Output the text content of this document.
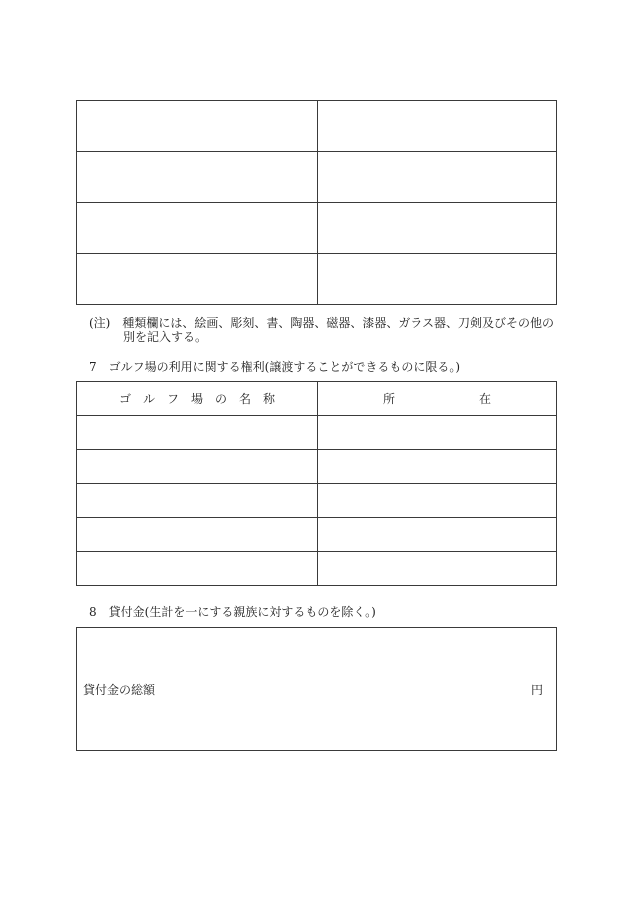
(注)　種類欄には、絵画、彫刻、書、陶器、磁器、漆器、ガラス器、刀剣及びその他の
別を記入する。
7　ゴルフ場の利用に関する権利(譲渡することができるものに限る。)
ゴ　ル　フ　場　の　名　称	所　　　　　　　在

8　貸付金(生計を一にする親族に対するものを除く。)
貸付金の総額	円
